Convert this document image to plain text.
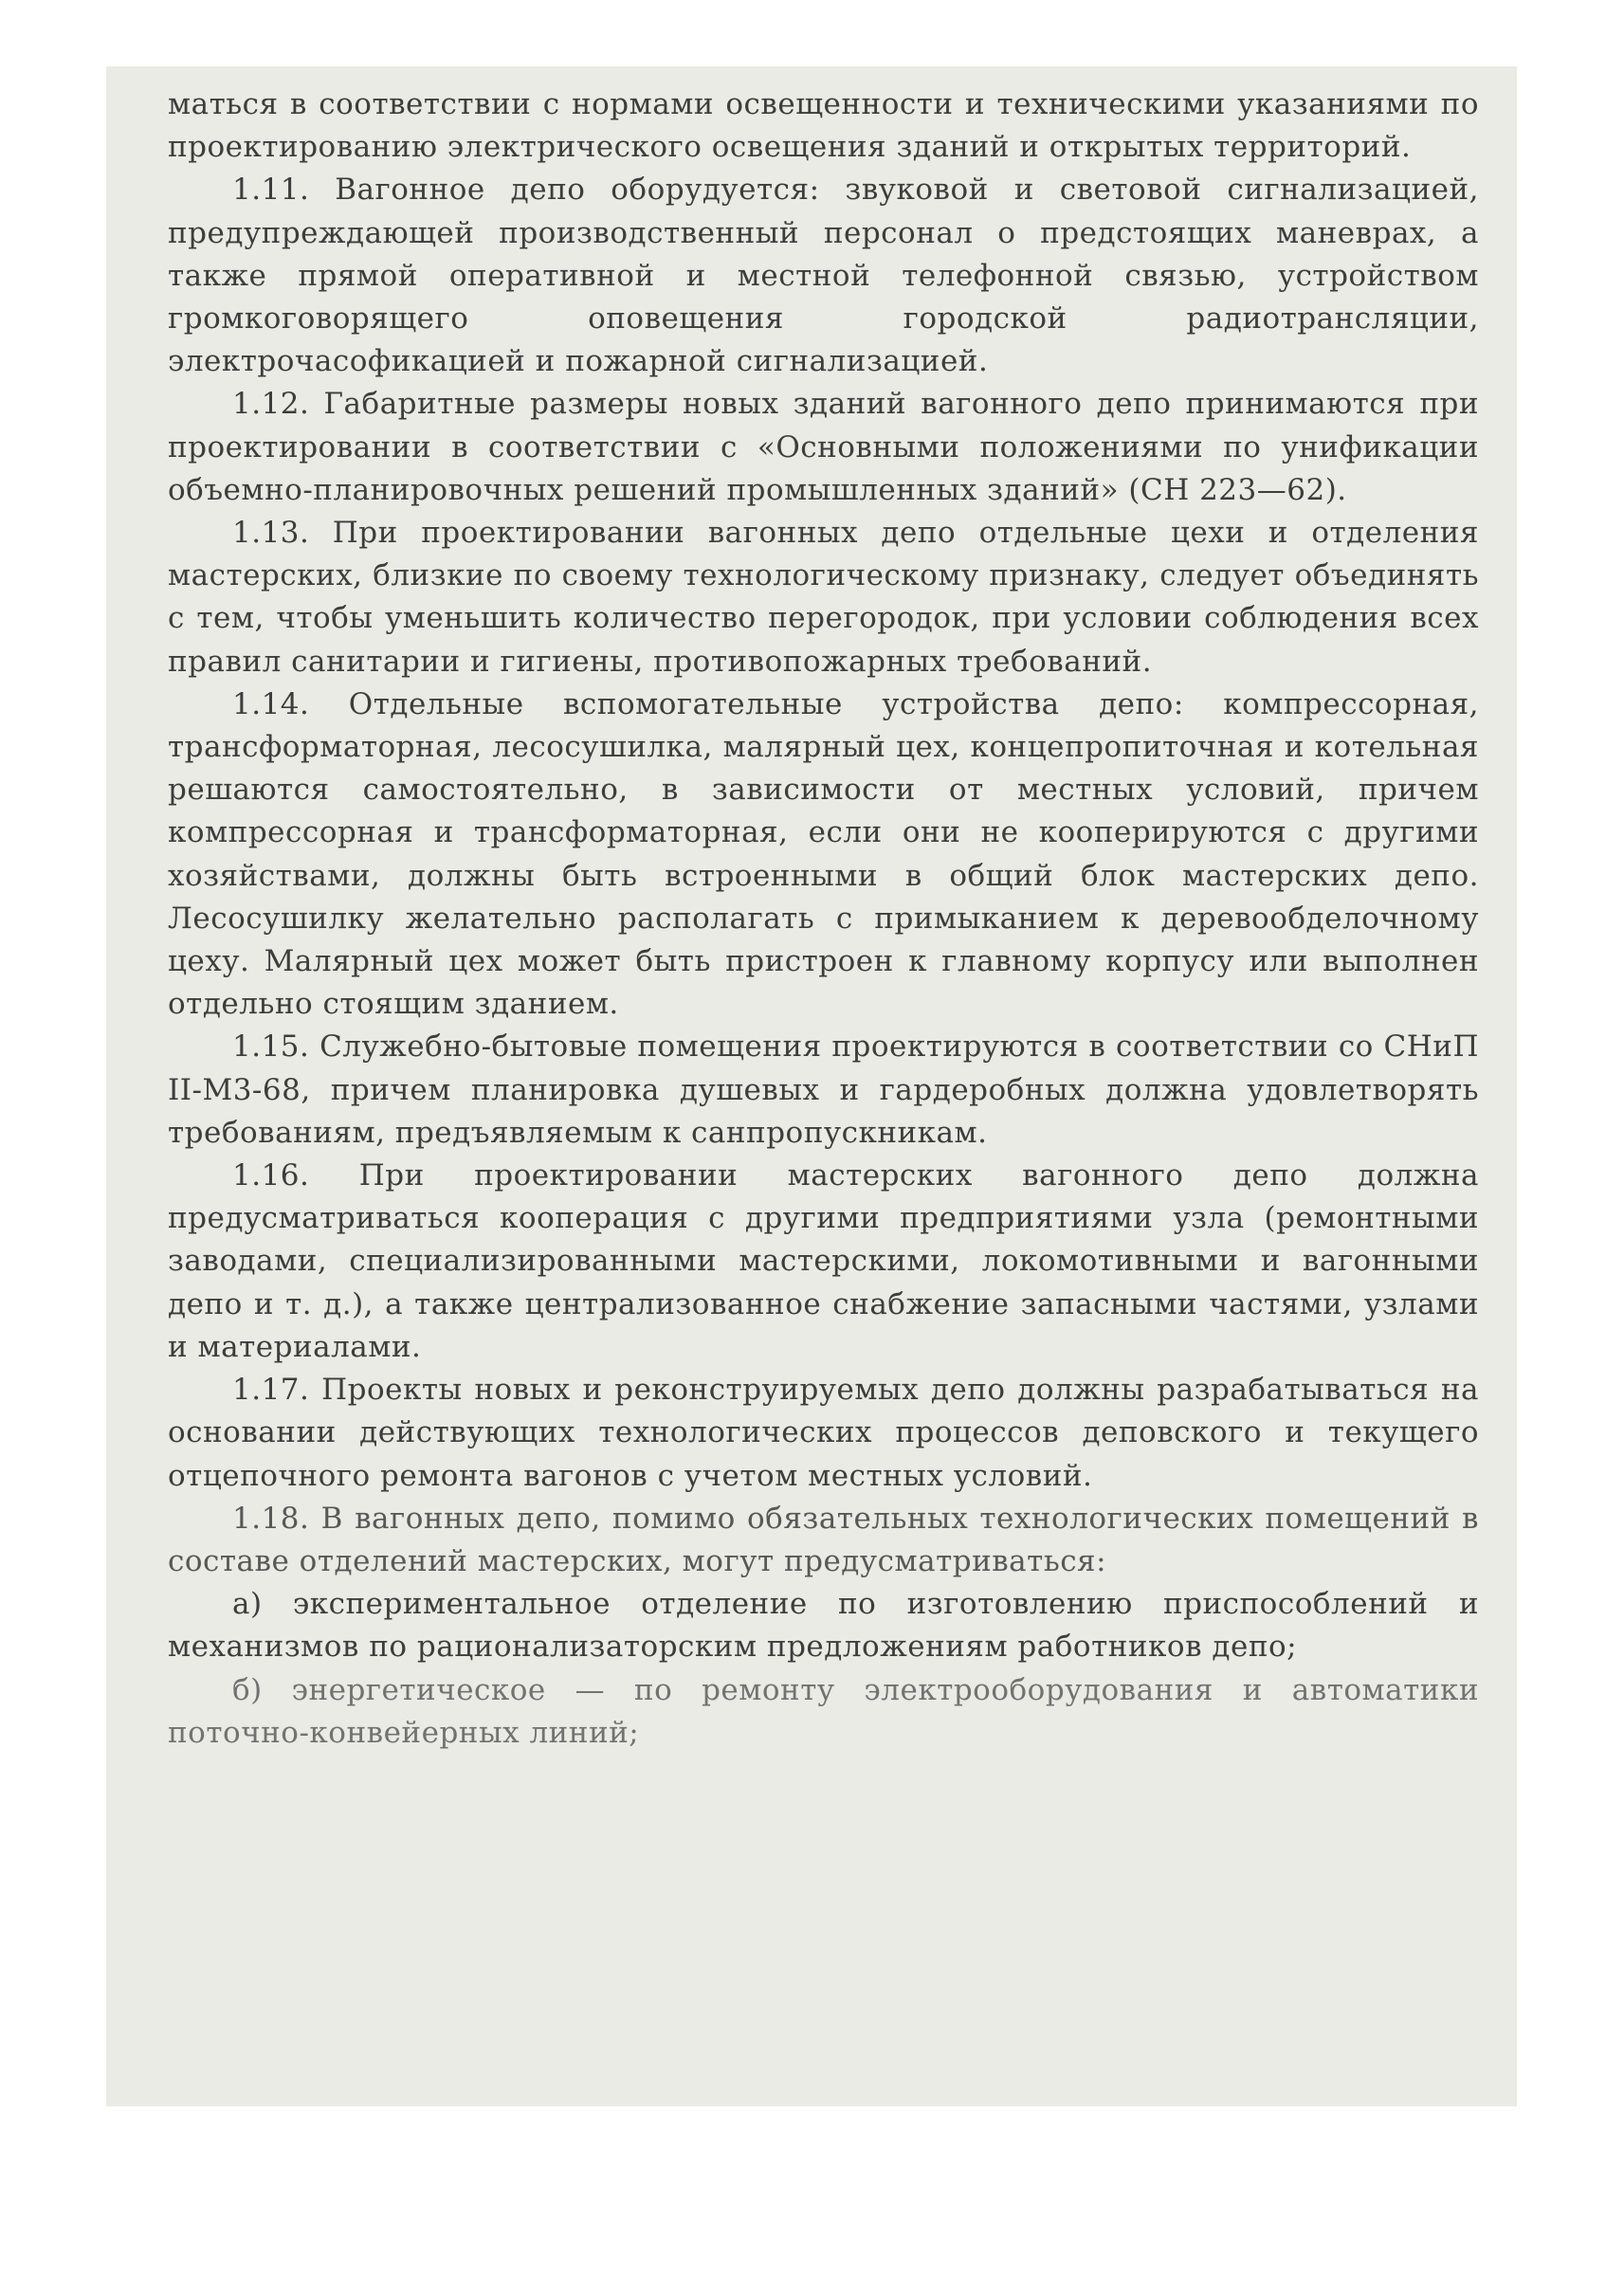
маться в соответствии с нормами освещенности и техническими указаниями по проектированию электрического освещения зданий и открытых территорий.

1.11. Вагонное депо оборудуется: звуковой и световой сигнализацией, предупреждающей производственный персонал о предстоящих маневрах, а также прямой оперативной и местной телефонной связью, устройством громкоговорящего оповещения городской радиотрансляции, электрочасофикацией и пожарной сигнализацией.

1.12. Габаритные размеры новых зданий вагонного депо принимаются при проектировании в соответствии с «Основными положениями по унификации объемно-планировочных решений промышленных зданий» (СН 223—62).

1.13. При проектировании вагонных депо отдельные цехи и отделения мастерских, близкие по своему технологическому признаку, следует объединять с тем, чтобы уменьшить количество перегородок, при условии соблюдения всех правил санитарии и гигиены, противопожарных требований.

1.14. Отдельные вспомогательные устройства депо: компрессорная, трансформаторная, лесосушилка, малярный цех, концепропиточная и котельная решаются самостоятельно, в зависимости от местных условий, причем компрессорная и трансформаторная, если они не кооперируются с другими хозяйствами, должны быть встроенными в общий блок мастерских депо. Лесосушилку желательно располагать с примыканием к деревообделочному цеху. Малярный цех может быть пристроен к главному корпусу или выполнен отдельно стоящим зданием.

1.15. Служебно-бытовые помещения проектируются в соответствии со СНиП II-М3-68, причем планировка душевых и гардеробных должна удовлетворять требованиям, предъявляемым к санпропускникам.

1.16. При проектировании мастерских вагонного депо должна предусматриваться кооперация с другими предприятиями узла (ремонтными заводами, специализированными мастерскими, локомотивными и вагонными депо и т. д.), а также централизованное снабжение запасными частями, узлами и материалами.

1.17. Проекты новых и реконструируемых депо должны разрабатываться на основании действующих технологических процессов деповского и текущего отцепочного ремонта вагонов с учетом местных условий.

1.18. В вагонных депо, помимо обязательных технологических помещений в составе отделений мастерских, могут предусматриваться:

а) экспериментальное отделение по изготовлению приспособлений и механизмов по рационализаторским предложениям работников депо;

б) энергетическое — по ремонту электрооборудования и автоматики поточно-конвейерных линий;
